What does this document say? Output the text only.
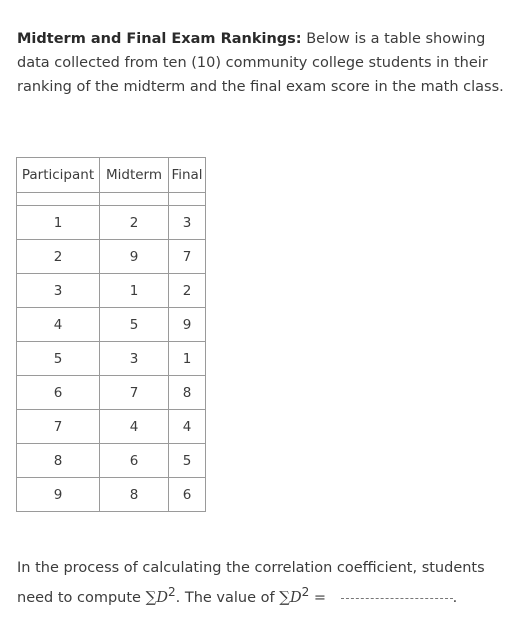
Midterm and Final Exam Rankings: Below is a table showing data collected from ten (10) community college students in their ranking of the midterm and the final exam score in the math class.
Participant	Midterm	Final

1	2	3
2	9	7
3	1	2
4	5	9
5	3	1
6	7	8
7	4	4
8	6	5
9	8	6
In the process of calculating the correlation coefficient, students need to compute $\sum D^2$. The value of $\sum D^2$ =	.
